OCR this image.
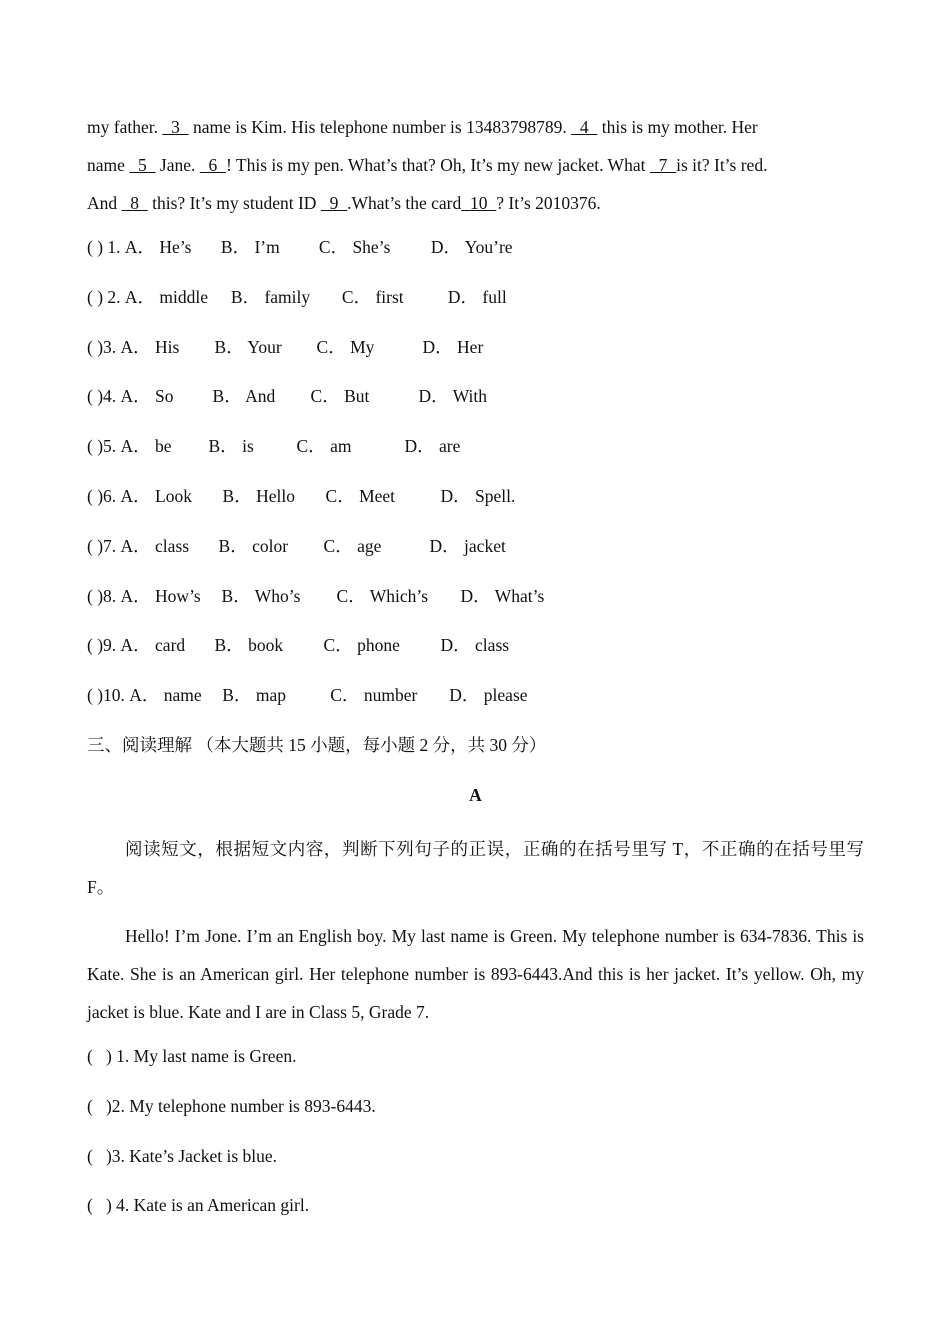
my father.   3   name is Kim. His telephone number is 13483798789.   4   this is my mother. Her
name   5   Jane.   6  ! This is my pen. What’s that? Oh, It’s my new jacket. What   7  is it? It’s red.
And   8   this? It’s my student ID   9  .What’s the card  10  ? It’s 2010376.

( ) 1. A． He’s	B． I’m	C． She’s	D． You’re
( ) 2. A． middle	B． family	C． first	D． full
( )3. A． His	B． Your	C． My	D． Her
( )4. A． So	B． And	C． But	D． With
( )5. A． be	B． is	C． am	D． are
( )6. A． Look	B． Hello	C． Meet	D． Spell.
( )7. A． class	B． color	C． age	D． jacket
( )8. A． How’s	B． Who’s	C． Which’s	D． What’s
( )9. A． card	B． book	C． phone	D． class
( )10. A． name	B． map	C． number	D． please
三、阅读理解 （本大题共 15 小题，每小题 2 分，共 30 分）
A

阅读短文，根据短文内容，判断下列句子的正误，正确的在括号里写 T，不正确的在括号里写 F。

Hello! I’m Jone. I’m an English boy. My last name is Green. My telephone number is 634-7836. This is Kate. She is an American girl. Her telephone number is 893-6443.And this is her jacket. It’s yellow. Oh, my jacket is blue. Kate and I are in Class 5, Grade 7.

(   ) 1. My last name is Green.
(   )2. My telephone number is 893-6443.
(   )3. Kate’s Jacket is blue.
(   ) 4. Kate is an American girl.
